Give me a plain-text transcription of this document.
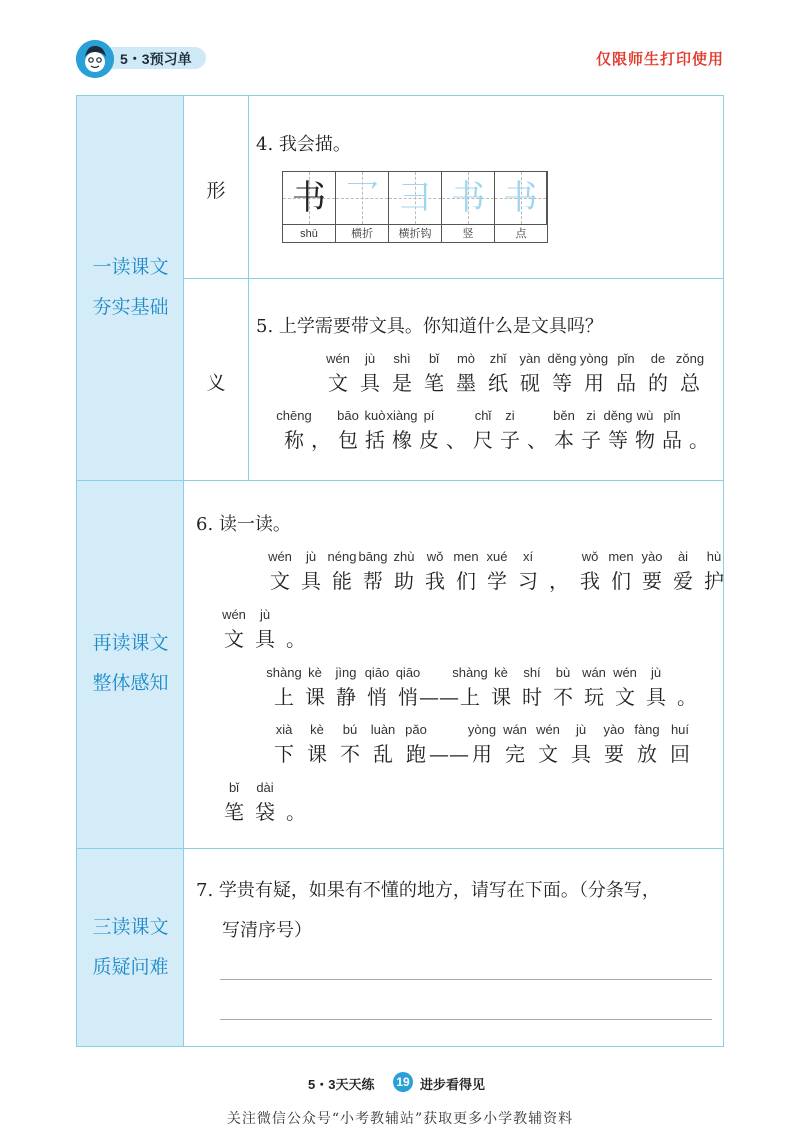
5・3预习单	仅限师生打印使用
一读课文
夯实基础
形
义
再读课文
整体感知
三读课文
质疑问难
4. 我会描。
书 乛 ⺕ 书 书
shū	横折	横折钩	竖	点
5. 上学需要带文具。你知道什么是文具吗？
wén
文
jù
具
shì
是
bǐ
笔
mò
墨
zhǐ
纸
yàn
砚
děng
等
yòng
用
pǐn
品
de
的
zǒng
总
chēng
称 ，
bāo
包
kuò
括
xiàng
橡
pí
皮 、
chǐ
尺
zi
子 、
běn
本
zi
子
děng
等
wù
物
pǐn
品 。
6. 读一读。
wén
文
jù
具
néng
能
bāng
帮
zhù
助
wǒ
我
men
们
xué
学
xí
习 ，
wǒ
我
men
们
yào
要
ài
爱
hù
护
wén
文
jù
具 。
shàng
上
kè
课
jìng
静
qiāo
悄
qiāo
悄 ——
shàng
上
kè
课
shí
时
bù
不
wán
玩
wén
文
jù
具 。
xià
下
kè
课
bú
不
luàn
乱
pǎo
跑 ——
yòng
用
wán
完
wén
文
jù
具
yào
要
fàng
放
huí
回
bǐ
笔
dài
袋 。
7. 学贵有疑，如果有不懂的地方，请写在下面。（分条写，
写清序号）
5・3天天练 19 进步看得见
关注微信公众号“小考教辅站”获取更多小学教辅资料
